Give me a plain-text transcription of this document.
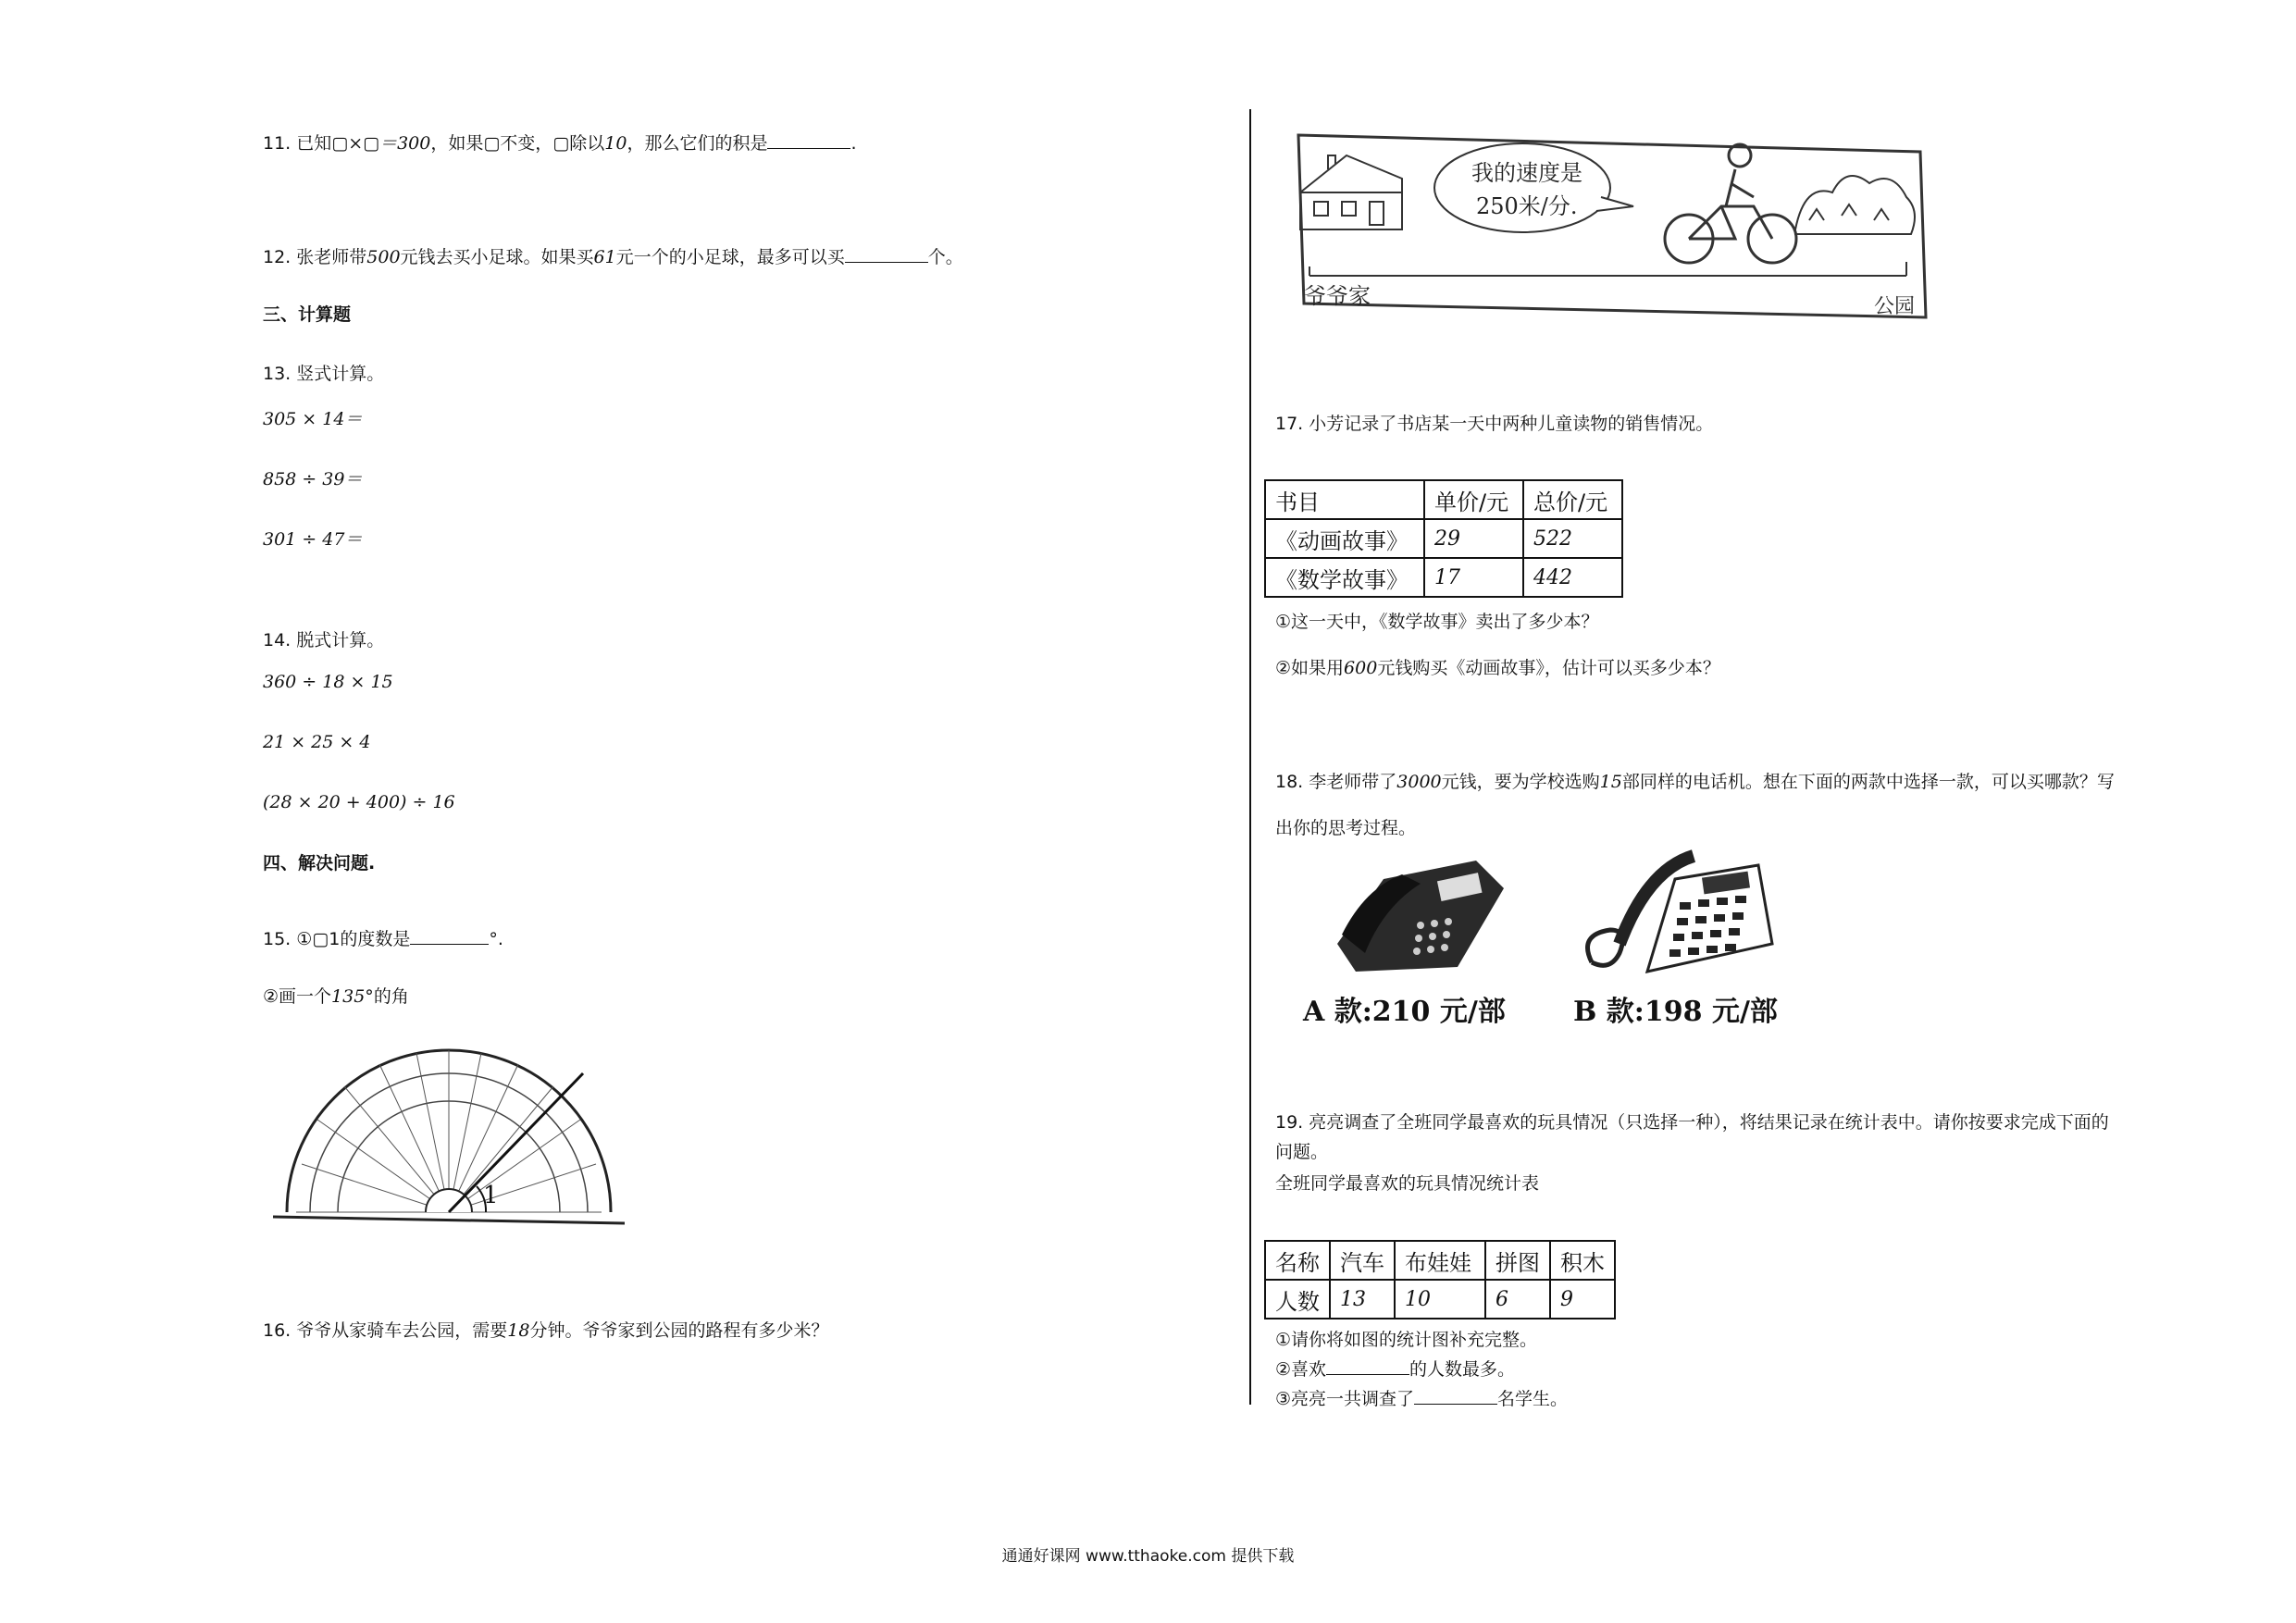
11. 已知▢×▢＝300，如果▢不变，▢除以10，那么它们的积是	.
12. 张老师带500元钱去买小足球。如果买61元一个的小足球，最多可以买	个。
三、计算题
13. 竖式计算。
305 × 14＝
858 ÷ 39＝
301 ÷ 47＝
14. 脱式计算。
360 ÷ 18 × 15
21 × 25 × 4
(28 × 20 + 400) ÷ 16
四、解决问题.
15. ①▢1的度数是	°.
②画一个135°的角
1
16. 爷爷从家骑车去公园，需要18分钟。爷爷家到公园的路程有多少米？
我的速度是
250米/分.
爷爷家	公园
17. 小芳记录了书店某一天中两种儿童读物的销售情况。
书目	单价/元	总价/元
《动画故事》	29	522
《数学故事》	17	442
①这一天中，《数学故事》卖出了多少本？
②如果用600元钱购买《动画故事》，估计可以买多少本？
18. 李老师带了3000元钱，要为学校选购15部同样的电话机。想在下面的两款中选择一款，可以买哪款？写
出你的思考过程。
A 款:210 元/部 B 款:198 元/部
19. 亮亮调查了全班同学最喜欢的玩具情况（只选择一种），将结果记录在统计表中。请你按要求完成下面的
问题。
全班同学最喜欢的玩具情况统计表
名称	汽车	布娃娃	拼图	积木
人数	13	10	6	9
①请你将如图的统计图补充完整。
②喜欢	的人数最多。
③亮亮一共调查了	名学生。
通通好课网 www.tthaoke.com 提供下载
